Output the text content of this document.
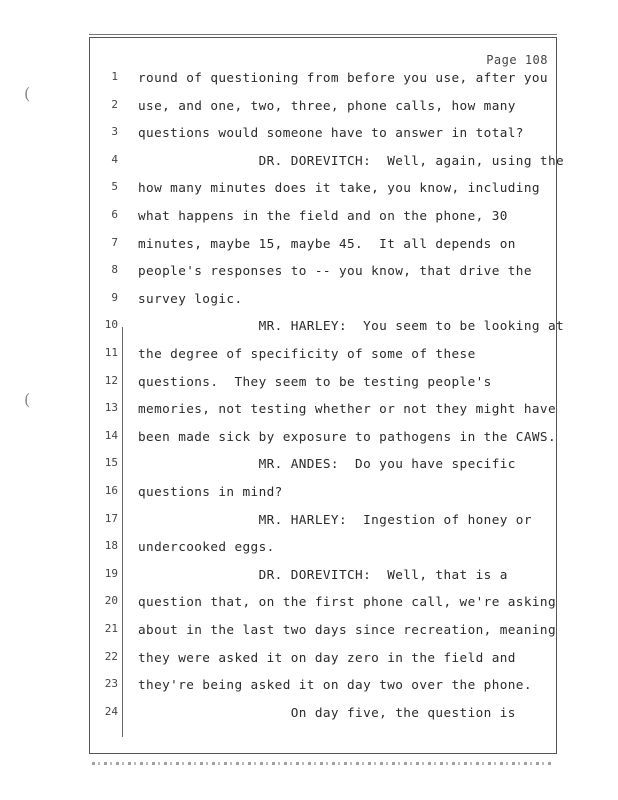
(
(
Page 108
1 round of questioning from before you use, after you
2 use, and one, two, three, phone calls, how many
3 questions would someone have to answer in total?
4 DR. DOREVITCH:  Well, again, using the
5 how many minutes does it take, you know, including
6 what happens in the field and on the phone, 30
7 minutes, maybe 15, maybe 45.  It all depends on
8 people's responses to -- you know, that drive the
9 survey logic.
10 MR. HARLEY:  You seem to be looking at
11 the degree of specificity of some of these
12 questions.  They seem to be testing people's
13 memories, not testing whether or not they might have
14 been made sick by exposure to pathogens in the CAWS.
15 MR. ANDES:  Do you have specific
16 questions in mind?
17 MR. HARLEY:  Ingestion of honey or
18 undercooked eggs.
19 DR. DOREVITCH:  Well, that is a
20 question that, on the first phone call, we're asking
21 about in the last two days since recreation, meaning
22 they were asked it on day zero in the field and
23 they're being asked it on day two over the phone.
24 On day five, the question is
